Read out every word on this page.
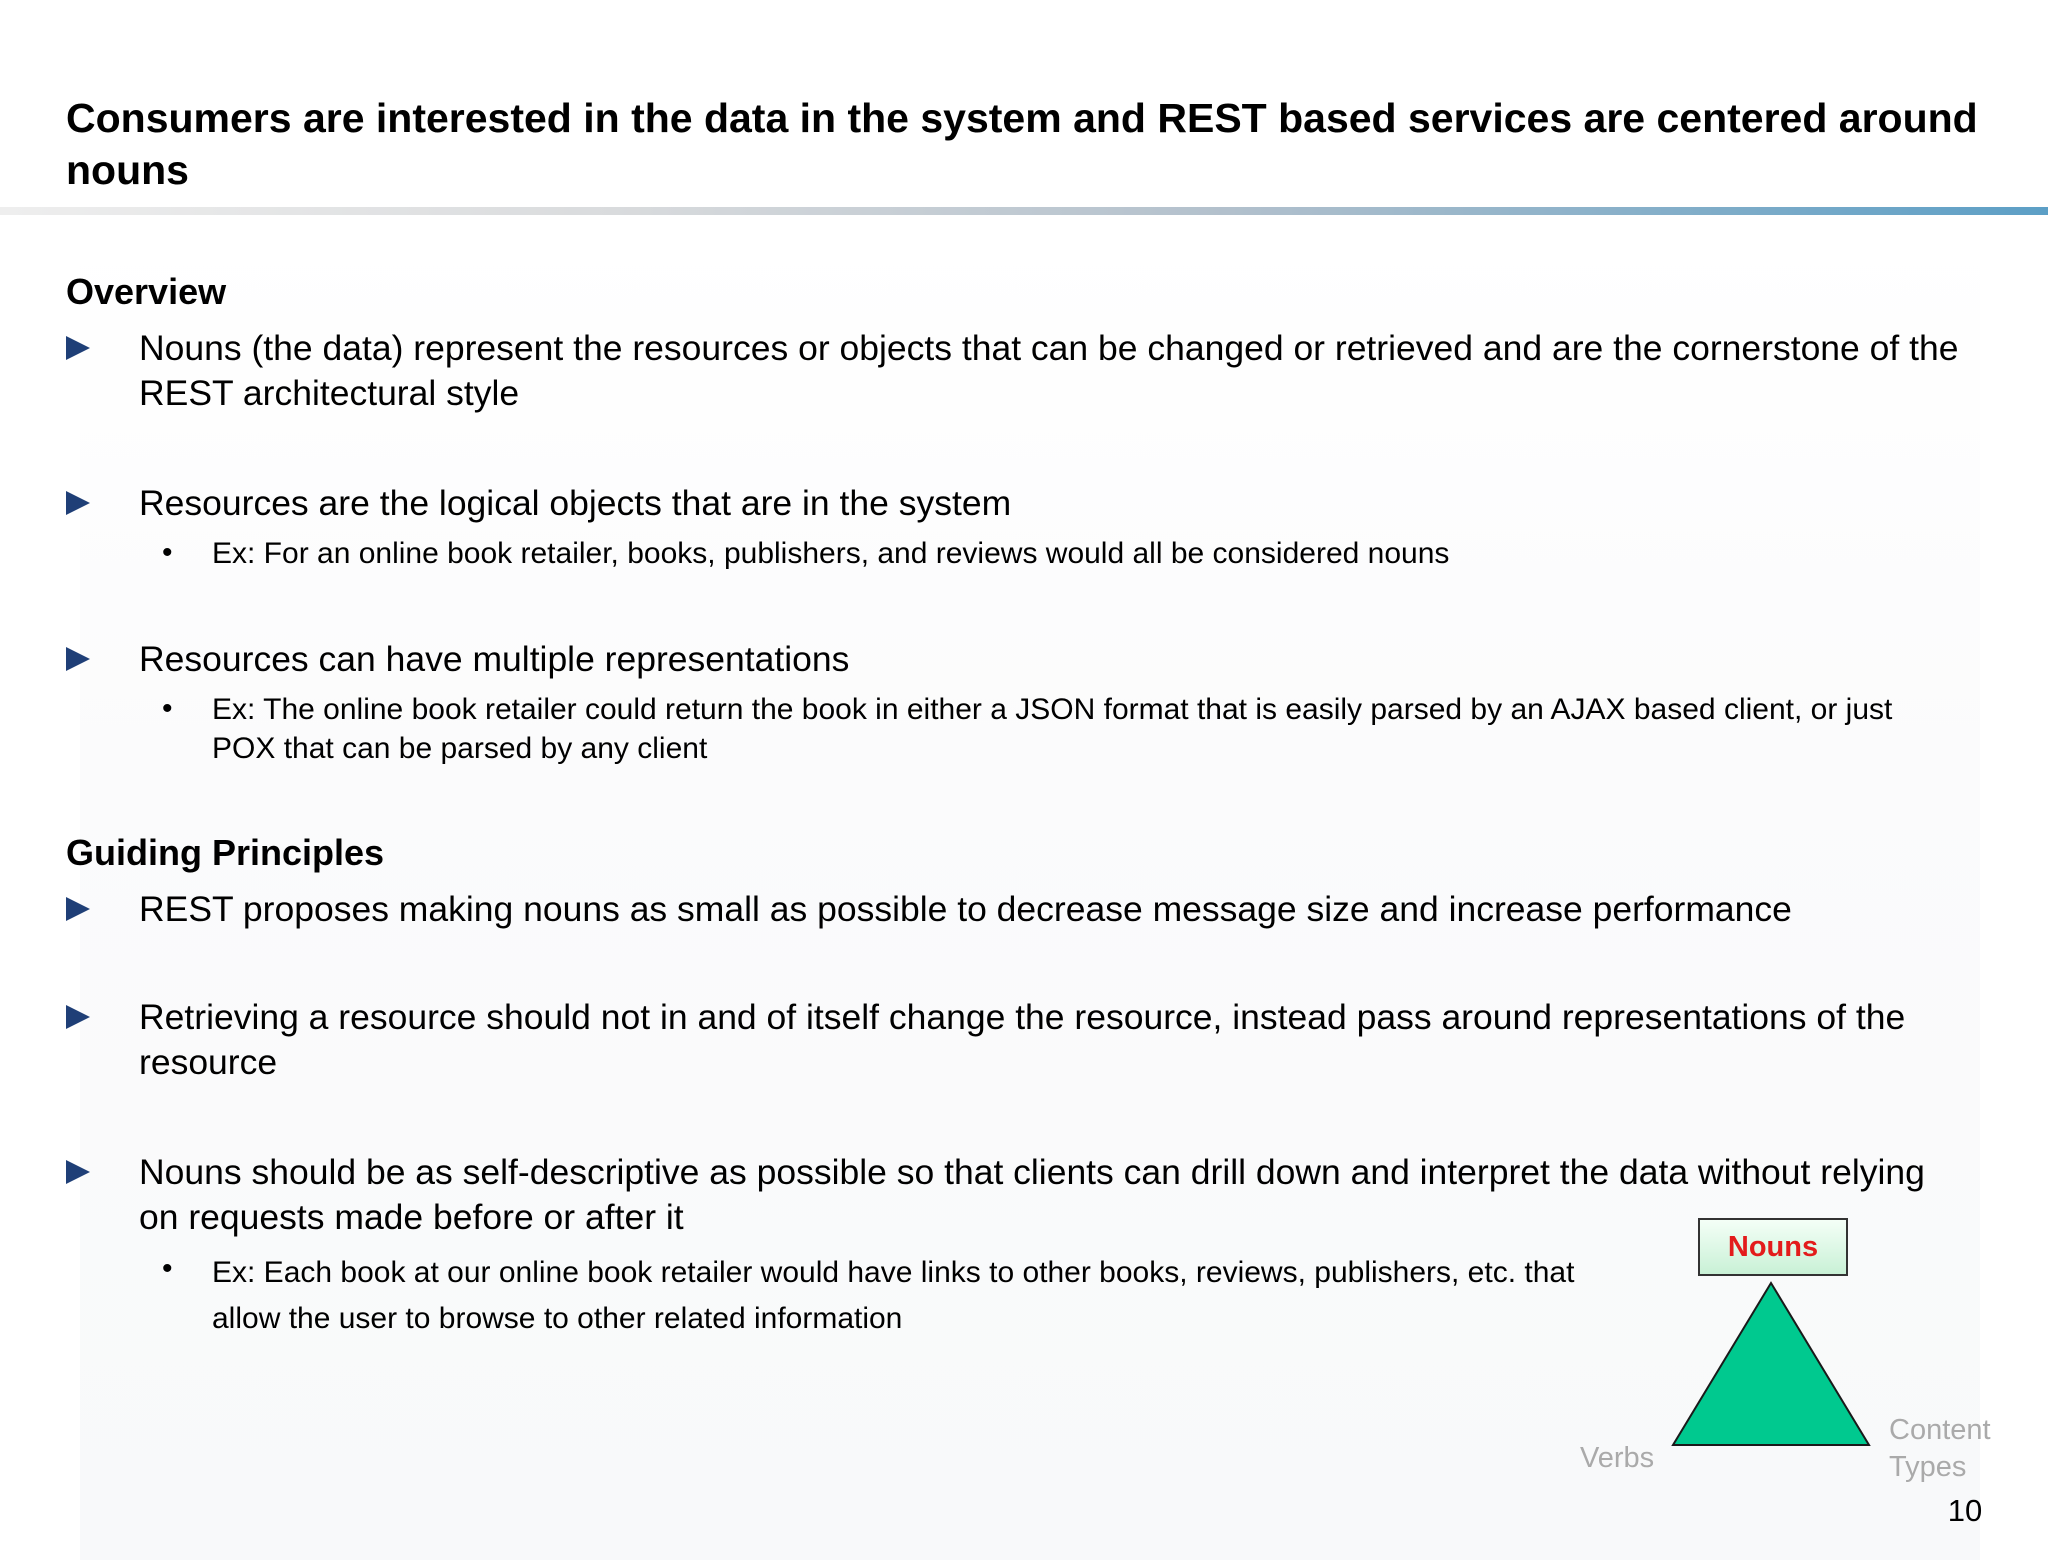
Consumers are interested in the data in the system and REST based services are centered around nouns
Overview
Nouns (the data) represent the resources or objects that can be changed or retrieved and are the cornerstone of the REST architectural style
Resources are the logical objects that are in the system
• Ex: For an online book retailer, books, publishers, and reviews would all be considered nouns
Resources can have multiple representations
• Ex: The online book retailer could return the book in either a JSON format that is easily parsed by an AJAX based client, or just POX that can be parsed by any client
Guiding Principles
REST proposes making nouns as small as possible to decrease message size and increase performance
Retrieving a resource should not in and of itself change the resource, instead pass around representations of the resource
Nouns should be as self-descriptive as possible so that clients can drill down and interpret the data without relying on requests made before or after it
• Ex: Each book at our online book retailer would have links to other books, reviews, publishers, etc. that allow the user to browse to other related information
Nouns
Verbs
Content Types
10
